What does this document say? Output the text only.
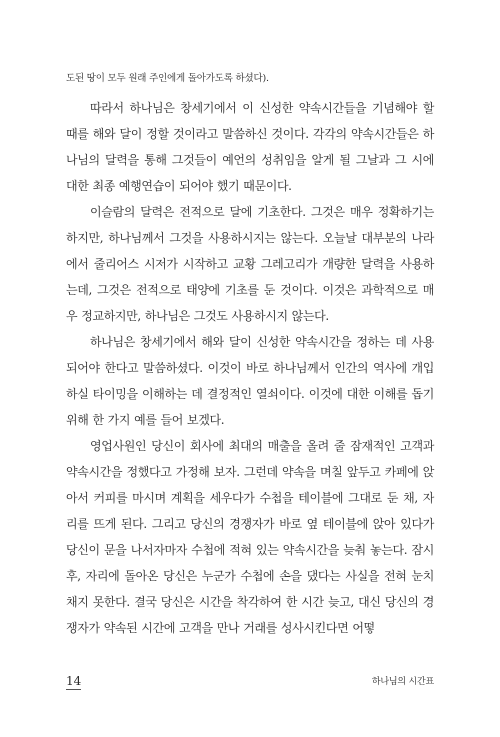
도된 땅이 모두 원래 주인에게 돌아가도록 하셨다).

따라서 하나님은 창세기에서 이 신성한 약속시간들을 기념해야 할 때를 해와 달이 정할 것이라고 말씀하신 것이다. 각각의 약속시간들은 하나님의 달력을 통해 그것들이 예언의 성취임을 알게 될 그날과 그 시에 대한 최종 예행연습이 되어야 했기 때문이다.

이슬람의 달력은 전적으로 달에 기초한다. 그것은 매우 정확하기는 하지만, 하나님께서 그것을 사용하시지는 않는다. 오늘날 대부분의 나라에서 줄리어스 시저가 시작하고 교황 그레고리가 개량한 달력을 사용하는데, 그것은 전적으로 태양에 기초를 둔 것이다. 이것은 과학적으로 매우 정교하지만, 하나님은 그것도 사용하시지 않는다.

하나님은 창세기에서 해와 달이 신성한 약속시간을 정하는 데 사용되어야 한다고 말씀하셨다. 이것이 바로 하나님께서 인간의 역사에 개입하실 타이밍을 이해하는 데 결정적인 열쇠이다. 이것에 대한 이해를 돕기 위해 한 가지 예를 들어 보겠다.

영업사원인 당신이 회사에 최대의 매출을 올려 줄 잠재적인 고객과 약속시간을 정했다고 가정해 보자. 그런데 약속을 며칠 앞두고 카페에 앉아서 커피를 마시며 계획을 세우다가 수첩을 테이블에 그대로 둔 채, 자리를 뜨게 된다. 그리고 당신의 경쟁자가 바로 옆 테이블에 앉아 있다가 당신이 문을 나서자마자 수첩에 적혀 있는 약속시간을 늦춰 놓는다. 잠시 후, 자리에 돌아온 당신은 누군가 수첩에 손을 댔다는 사실을 전혀 눈치채지 못한다. 결국 당신은 시간을 착각하여 한 시간 늦고, 대신 당신의 경쟁자가 약속된 시간에 고객을 만나 거래를 성사시킨다면 어떻

14	하나님의 시간표
